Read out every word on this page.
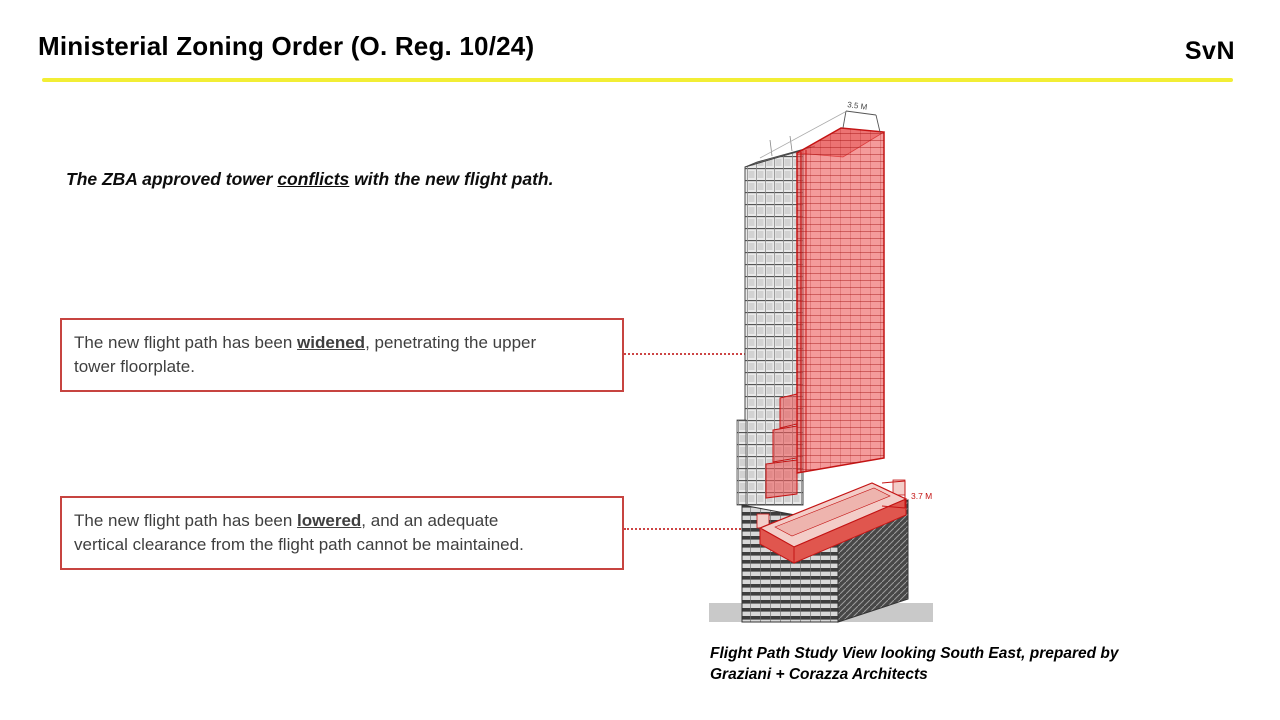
Ministerial Zoning Order (O. Reg. 10/24)	SvN
The ZBA approved tower conflicts with the new flight path.
The new flight path has been widened, penetrating the upper
tower floorplate.
The new flight path has been lowered, and an adequate
vertical clearance from the flight path cannot be maintained.
3.5 M
3.7 M
Flight Path Study View looking South East, prepared by
Graziani + Corazza Architects
